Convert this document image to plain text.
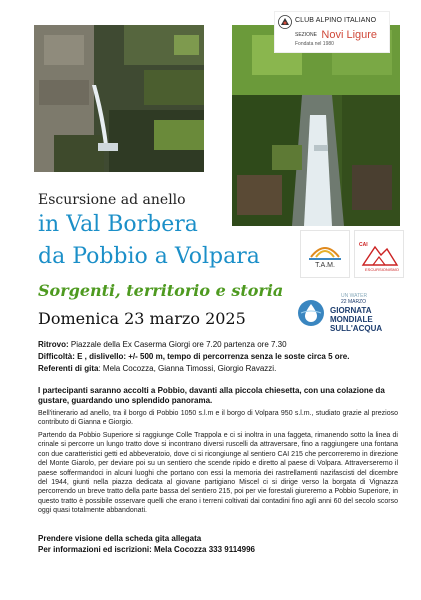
CLUB ALPINO ITALIANO
SEZIONE Novi Ligure
Fondata nel 1980
Escursione ad anello
in Val Borbera
da Pobbio a Volpara
Sorgenti, territorio e storia
Domenica 23 marzo 2025
T.A.M.
CAI
ESCURSIONISMO
UN WATER
22 MARZO
GIORNATA
MONDIALE
SULL'ACQUA
Ritrovo: Piazzale della Ex Caserma Giorgi ore 7.20 partenza ore 7.30
Difficoltà: E , dislivello: +/- 500 m, tempo di percorrenza senza le soste circa 5 ore.
Referenti di gita: Mela Cocozza, Gianna Timossi, Giorgio Ravazzi.
I partecipanti saranno accolti a Pobbio, davanti alla piccola chiesetta, con una colazione da gustare, guardando uno splendido panorama.
Bell'itinerario ad anello, tra il borgo di Pobbio 1050 s.l.m e il borgo di Volpara 950 s.l.m., studiato grazie al prezioso contributo di Gianna e Giorgio.
Partendo da Pobbio Superiore si raggiunge Colle Trappola e ci si inoltra in una faggeta, rimanendo sotto la linea di crinale si percorre un lungo tratto dove si incontrano diversi ruscelli da attraversare, fino a raggiungere una fontana con due caratteristici getti ed abbeveratoio, dove ci si ricongiunge al sentiero CAI 215 che percorreremo in direzione del Monte Giarolo, per deviare poi su un sentiero che scende ripido e diretto al paese di Volpara. Attraverseremo il paese soffermandoci in alcuni luoghi che portano con essi la memoria dei rastrellamenti nazifascisti del dicembre del 1944, giunti nella piazza dedicata al giovane partigiano Miscel ci si dirige verso la borgata di Vignazza percorrendo un breve tratto della parte bassa del sentiero 215, poi per vie forestali giureremo a Pobbio Superiore, in questo tratto è possibile osservare quelli che erano i terreni coltivati dai contadini fino agli anni 60 del secolo scorso oggi quasi totalmente abbandonati.
Prendere visione della scheda gita allegata
Per informazioni ed iscrizioni: Mela Cocozza 333 9114996
